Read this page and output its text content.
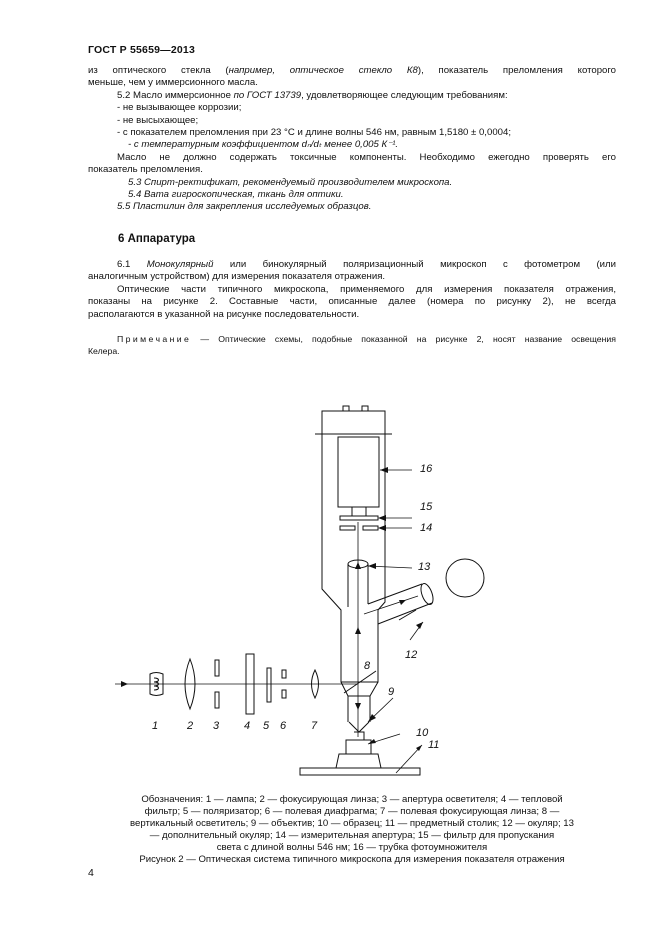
ГОСТ Р 55659—2013
из оптического стекла (например, оптическое стекло К8), показатель преломления которого
меньше, чем у иммерсионного масла.
5.2 Масло иммерсионное по ГОСТ 13739, удовлетворяющее следующим требованиям:
- не вызывающее коррозии;
- не высыхающее;
- с показателем преломления при 23 °С и длине волны 546 нм, равным 1,5180 ± 0,0004;
- с температурным коэффициентом dₙ/dₜ менее 0,005 К⁻¹.
Масло не должно содержать токсичные компоненты. Необходимо ежегодно проверять его
показатель преломления.
5.3 Спирт-ректификат, рекомендуемый производителем микроскопа.
5.4 Вата гигроскопическая, ткань для оптики.
5.5 Пластилин для закрепления исследуемых образцов.
6 Аппаратура
6.1 Монокулярный или бинокулярный поляризационный микроскоп с фотометром (или
аналогичным устройством) для измерения показателя отражения.
Оптические части типичного микроскопа, применяемого для измерения показателя отражения,
показаны на рисунке 2. Составные части, описанные далее (номера по рисунку 2), не всегда
располагаются в указанной на рисунке последовательности.
Примечание — Оптические схемы, подобные показанной на рисунке 2, носят название освещения
Келера.
16
15
14
13
12
8
9
10
11
1	2 3 4 5 6 7
Обозначения: 1 — лампа; 2 — фокусирующая линза; 3 — апертура осветителя; 4 — тепловой
фильтр; 5 — поляризатор; 6 — полевая диафрагма; 7 — полевая фокусирующая линза; 8 —
вертикальный осветитель; 9 — объектив; 10 — образец; 11 — предметный столик; 12 — окуляр; 13
— дополнительный окуляр; 14 — измерительная апертура; 15 — фильтр для пропускания
света с длиной волны 546 нм; 16 — трубка фотоумножителя
Рисунок 2 — Оптическая система типичного микроскопа для измерения показателя отражения
4
